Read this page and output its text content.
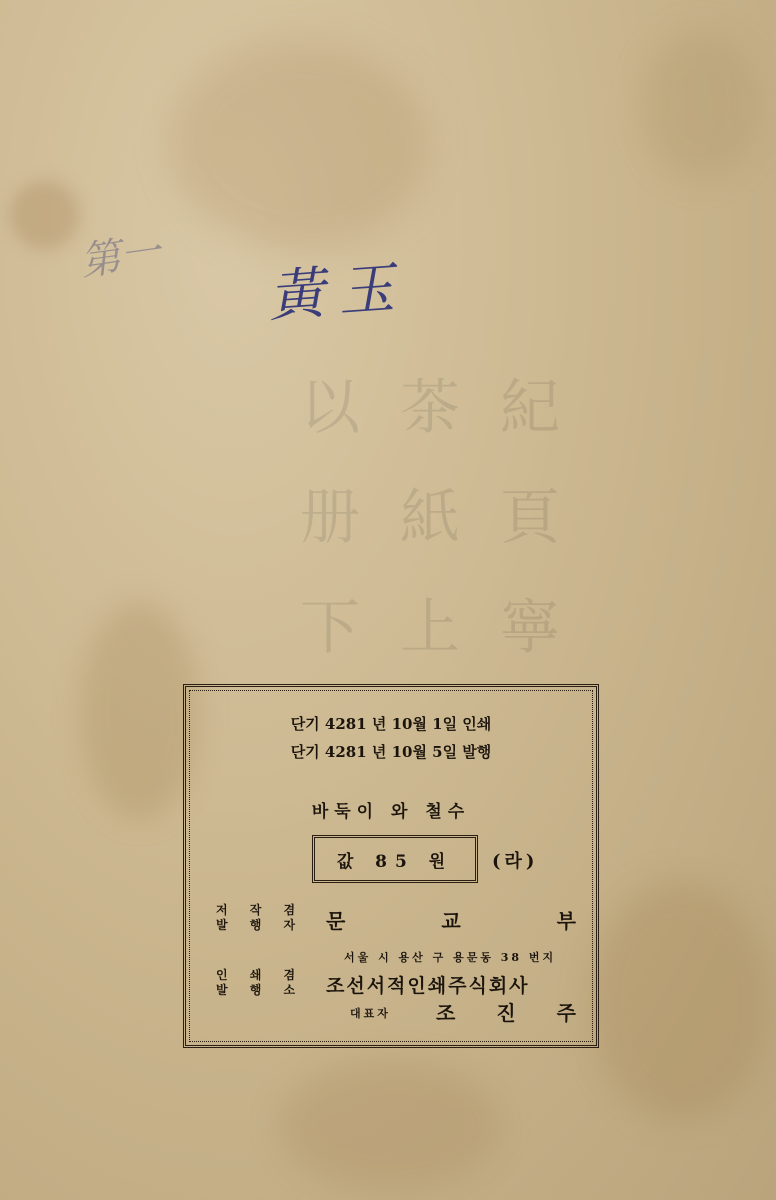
第一 黃玉
以茶紀
册紙頁
下上寧
단기 4281 년 10월 1일 인쇄
단기 4281 년 10월 5일 발행
바둑이 와 철수
값 85 원 (라)
저 작 겸
발 행 자 문	교	부
서울 시 용산 구 용문동 38 번지
인 쇄 겸
발 행 소 조선서적인쇄주식회사
대표자 조 진 주
